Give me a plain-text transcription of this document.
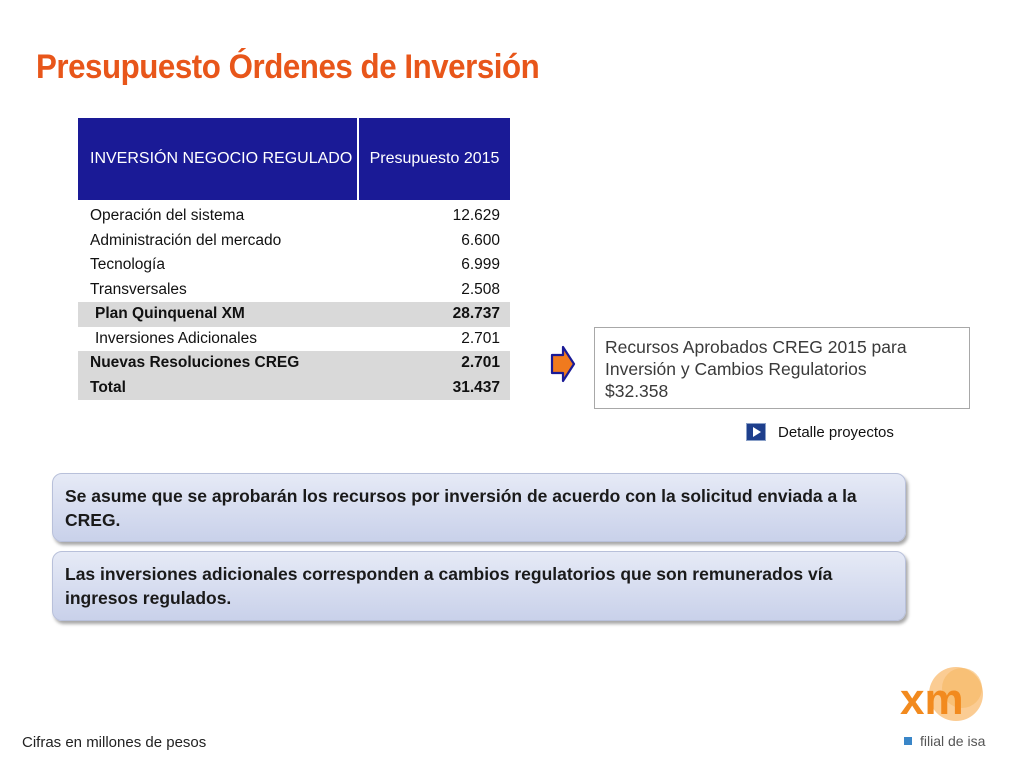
Presupuesto Órdenes de Inversión
INVERSIÓN NEGOCIO REGULADO	Presupuesto 2015
Operación del sistema	12.629
Administración del mercado	6.600
Tecnología	6.999
Transversales	2.508
Plan Quinquenal XM	28.737
Inversiones Adicionales	2.701
Nuevas Resoluciones CREG	2.701
Total	31.437
Recursos Aprobados CREG 2015 para
Inversión y Cambios Regulatorios
$32.358
Detalle proyectos
Se asume que se aprobarán los recursos por inversión de acuerdo con la solicitud enviada a la CREG.
Las inversiones adicionales corresponden a cambios regulatorios que son remunerados vía ingresos regulados.
Cifras en millones de pesos
xm
filial de isa
